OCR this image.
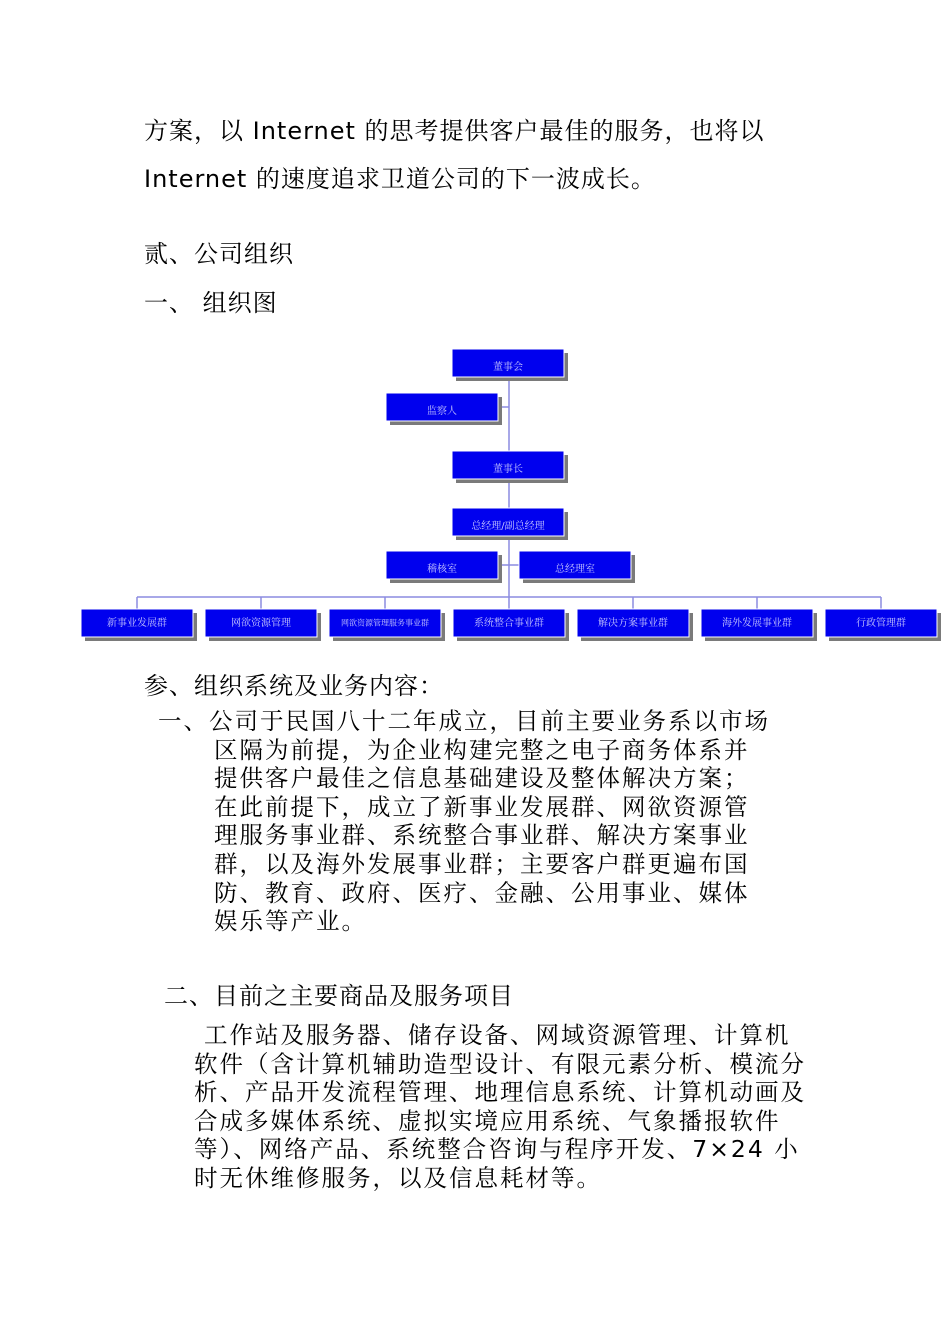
方案，以 Internet 的思考提供客户最佳的服务，也将以
Internet 的速度追求卫道公司的下一波成长。
贰、公司组织
一、 组织图
董事会
监察人
董事长
总经理/副总经理
稽核室	总经理室
新事业发展群	网欲资源管理	网欲资源管理服务事业群	系统整合事业群	解决方案事业群	海外发展事业群	行政管理群
参、组织系统及业务内容：
一、公司于民国八十二年成立，目前主要业务系以市场
区隔为前提，为企业构建完整之电子商务体系并
提供客户最佳之信息基础建设及整体解决方案；
在此前提下，成立了新事业发展群、网欲资源管
理服务事业群、系统整合事业群、解决方案事业
群，以及海外发展事业群；主要客户群更遍布国
防、教育、政府、医疗、金融、公用事业、媒体
娱乐等产业。
二、目前之主要商品及服务项目
工作站及服务器、储存设备、网域资源管理、计算机
软件（含计算机辅助造型设计、有限元素分析、模流分
析、产品开发流程管理、地理信息系统、计算机动画及
合成多媒体系统、虚拟实境应用系统、气象播报软件
等）、网络产品、系统整合咨询与程序开发、7×24 小
时无休维修服务，以及信息耗材等。
